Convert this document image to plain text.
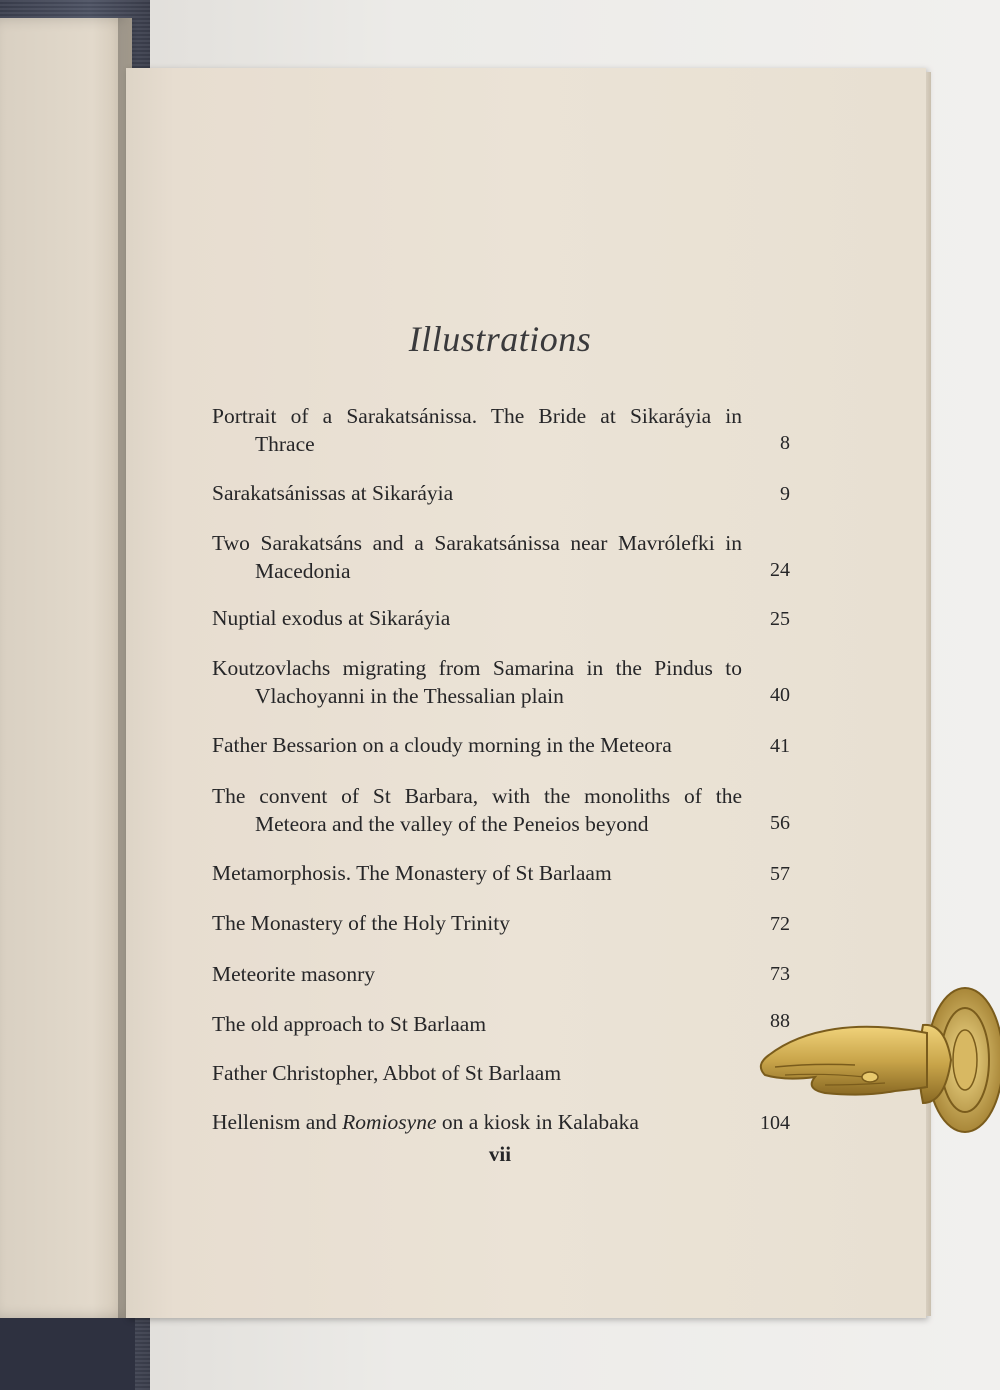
Illustrations
Portrait of a Sarakatsánissa. The Bride at Sikaráyia in
Thrace	8
Sarakatsánissas at Sikaráyia	9
Two Sarakatsáns and a Sarakatsánissa near Mavrólefki in
Macedonia	24
Nuptial exodus at Sikaráyia	25
Koutzovlachs migrating from Samarina in the Pindus to
Vlachoyanni in the Thessalian plain	40
Father Bessarion on a cloudy morning in the Meteora	41
The convent of St Barbara, with the monoliths of the
Meteora and the valley of the Peneios beyond	56
Metamorphosis. The Monastery of St Barlaam	57
The Monastery of the Holy Trinity	72
Meteorite masonry	73
The old approach to St Barlaam	88
Father Christopher, Abbot of St Barlaam
Hellenism and Romiosyne on a kiosk in Kalabaka	104
vii
